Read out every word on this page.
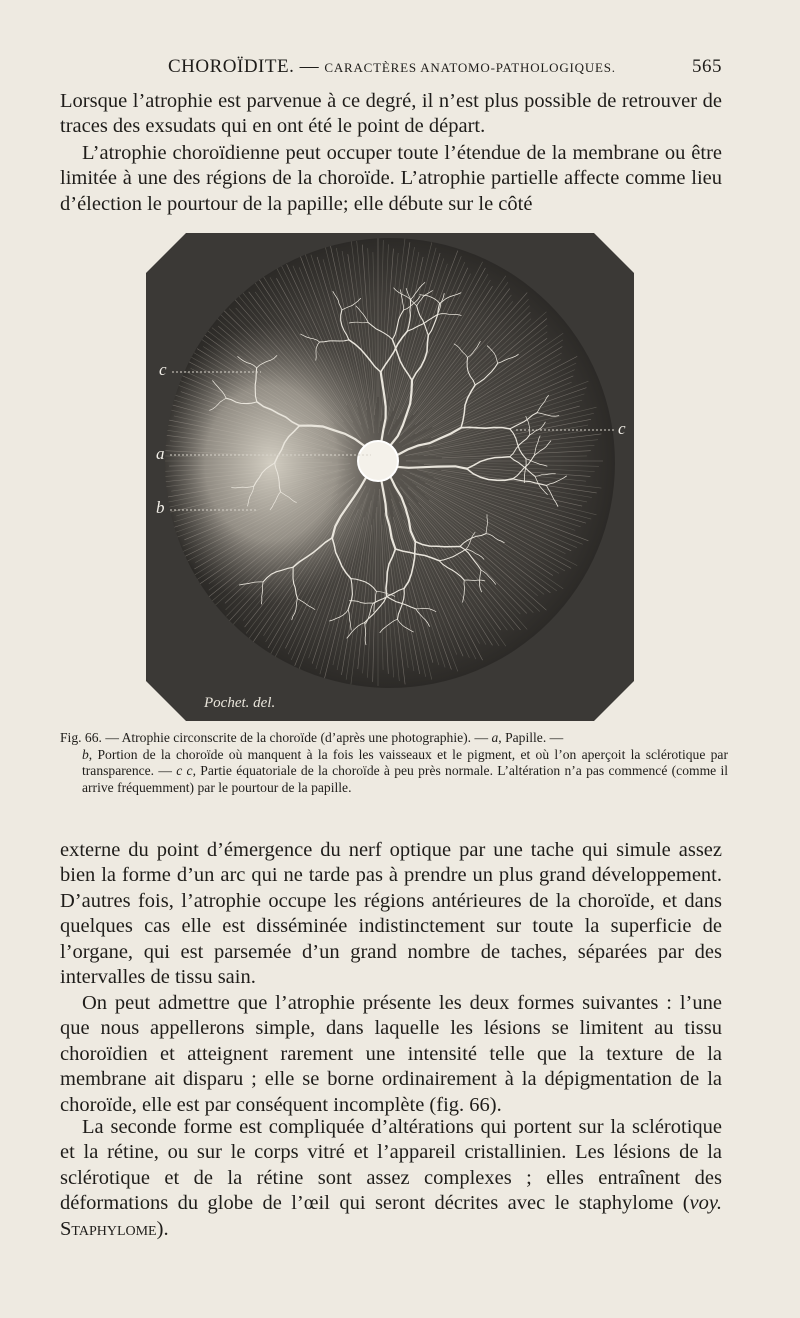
CHOROÏDITE. — CARACTÈRES ANATOMO-PATHOLOGIQUES.	565

Lorsque l’atrophie est parvenue à ce degré, il n’est plus possible de retrouver de traces des exsudats qui en ont été le point de départ.

L’atrophie choroïdienne peut occuper toute l’étendue de la membrane ou être limitée à une des régions de la choroïde. L’atrophie partielle affecte comme lieu d’élection le pourtour de la papille; elle débute sur le côté

c
a
b
c
Pochet. del.

Fig. 66. — Atrophie circonscrite de la choroïde (d’après une photographie). — a, Papille. —
b, Portion de la choroïde où manquent à la fois les vaisseaux et le pigment, et où l’on aperçoit la sclérotique par transparence. — c c, Partie équatoriale de la choroïde à peu près normale. L’altération n’a pas commencé (comme il arrive fréquemment) par le pourtour de la papille.

externe du point d’émergence du nerf optique par une tache qui simule assez bien la forme d’un arc qui ne tarde pas à prendre un plus grand développement. D’autres fois, l’atrophie occupe les régions antérieures de la choroïde, et dans quelques cas elle est disséminée indistinctement sur toute la superficie de l’organe, qui est parsemée d’un grand nombre de taches, séparées par des intervalles de tissu sain.

On peut admettre que l’atrophie présente les deux formes suivantes : l’une que nous appellerons simple, dans laquelle les lésions se limitent au tissu choroïdien et atteignent rarement une intensité telle que la texture de la membrane ait disparu ; elle se borne ordinairement à la dépigmentation de la choroïde, elle est par conséquent incomplète (fig. 66).

La seconde forme est compliquée d’altérations qui portent sur la sclérotique et la rétine, ou sur le corps vitré et l’appareil cristallinien. Les lésions de la sclérotique et de la rétine sont assez complexes ; elles entraînent des déformations du globe de l’œil qui seront décrites avec le staphylome (voy. Staphylome).
